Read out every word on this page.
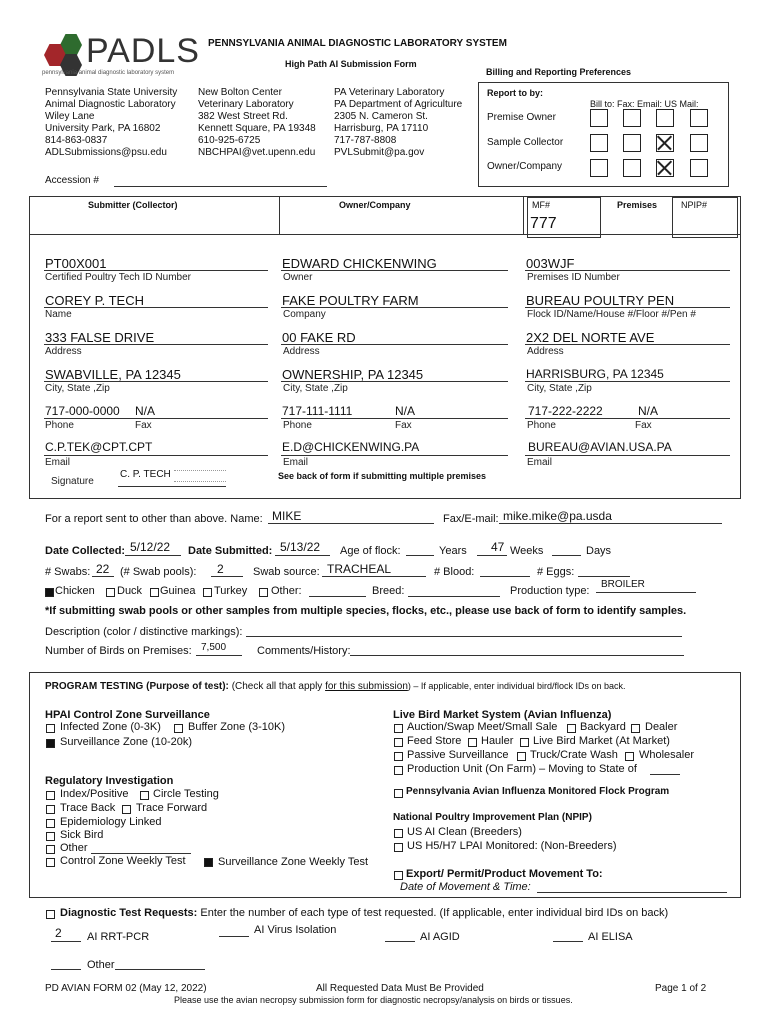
PADLS
pennsylvania animal diagnostic laboratory system
PENNSYLVANIA ANIMAL DIAGNOSTIC LABORATORY SYSTEM
High Path AI Submission Form
Billing and Reporting Preferences
Pennsylvania State University
Animal Diagnostic Laboratory
Wiley Lane
University Park, PA 16802
814-863-0837
ADLSubmissions@psu.edu
New Bolton Center
Veterinary Laboratory
382 West Street Rd.
Kennett Square, PA 19348
610-925-6725
NBCHPAI@vet.upenn.edu
PA Veterinary Laboratory
PA Department of Agriculture
2305 N. Cameron St.
Harrisburg, PA 17110
717-787-8808
PVLSubmit@pa.gov
Report to by:
Bill to: Fax: Email: US Mail:
Premise Owner
Sample Collector
Owner/Company
Accession #
Submitter (Collector)	Owner/Company	MF#
777
Premises	NPIP#
PT00X001
Certified Poultry Tech ID Number
COREY P. TECH
Name
333 FALSE DRIVE
Address
SWABVILLE, PA 12345
City, State ,Zip
717-000-0000 N/A
Phone	Fax
C.P.TEK@CPT.CPT
Email
Signature
C. P. TECH
EDWARD CHICKENWING
Owner
FAKE POULTRY FARM
Company
00 FAKE RD
Address
OWNERSHIP, PA 12345
City, State ,Zip
717-111-1111	N/A
Phone	Fax
E.D@CHICKENWING.PA
Email
See back of form if submitting multiple premises
003WJF
Premises ID Number
BUREAU POULTRY PEN
Flock ID/Name/House #/Floor #/Pen #
2X2 DEL NORTE AVE
Address
HARRISBURG, PA 12345
City, State ,Zip
717-222-2222	N/A
Phone	Fax
BUREAU@AVIAN.USA.PA
Email
For a report sent to other than above. Name: MIKE	Fax/E-mail: mike.mike@pa.usda
Date Collected: 5/12/22 Date Submitted: 5/13/22 Age of flock:	Years 47 Weeks	Days
# Swabs: 22 (# Swab pools): 2	Swab source: TRACHEAL	# Blood:	# Eggs:
Chicken Duck Guinea Turkey Other:	Breed:	Production type:
BROILER
*If submitting swab pools or other samples from multiple species, flocks, etc., please use back of form to identify samples.
Description (color / distinctive markings):
Number of Birds on Premises: 7,500	Comments/History:
PROGRAM TESTING (Purpose of test): (Check all that apply for this submission) – If applicable, enter individual bird/flock IDs on back.
HPAI Control Zone Surveillance
Infected Zone (0-3K) Buffer Zone (3-10K)
Surveillance Zone (10-20k)
Regulatory Investigation
Index/Positive Circle Testing
Trace Back Trace Forward
Epidemiology Linked
Sick Bird
Other
Control Zone Weekly Test	Surveillance Zone Weekly Test
Live Bird Market System (Avian Influenza)
Auction/Swap Meet/Small Sale Backyard Dealer
Feed Store Hauler Live Bird Market (At Market)
Passive Surveillance Truck/Crate Wash Wholesaler
Production Unit (On Farm) – Moving to State of
Pennsylvania Avian Influenza Monitored Flock Program
National Poultry Improvement Plan (NPIP)
US AI Clean (Breeders)
US H5/H7 LPAI Monitored: (Non-Breeders)
Export/ Permit/Product Movement To:
Date of Movement & Time:
Diagnostic Test Requests: Enter the number of each type of test requested. (If applicable, enter individual bird IDs on back)
2 AI RRT-PCR
AI Virus Isolation
AI AGID	AI ELISA
Other
PD AVIAN FORM 02 (May 12, 2022)	All Requested Data Must Be Provided	Page 1 of 2
Please use the avian necropsy submission form for diagnostic necropsy/analysis on birds or tissues.
